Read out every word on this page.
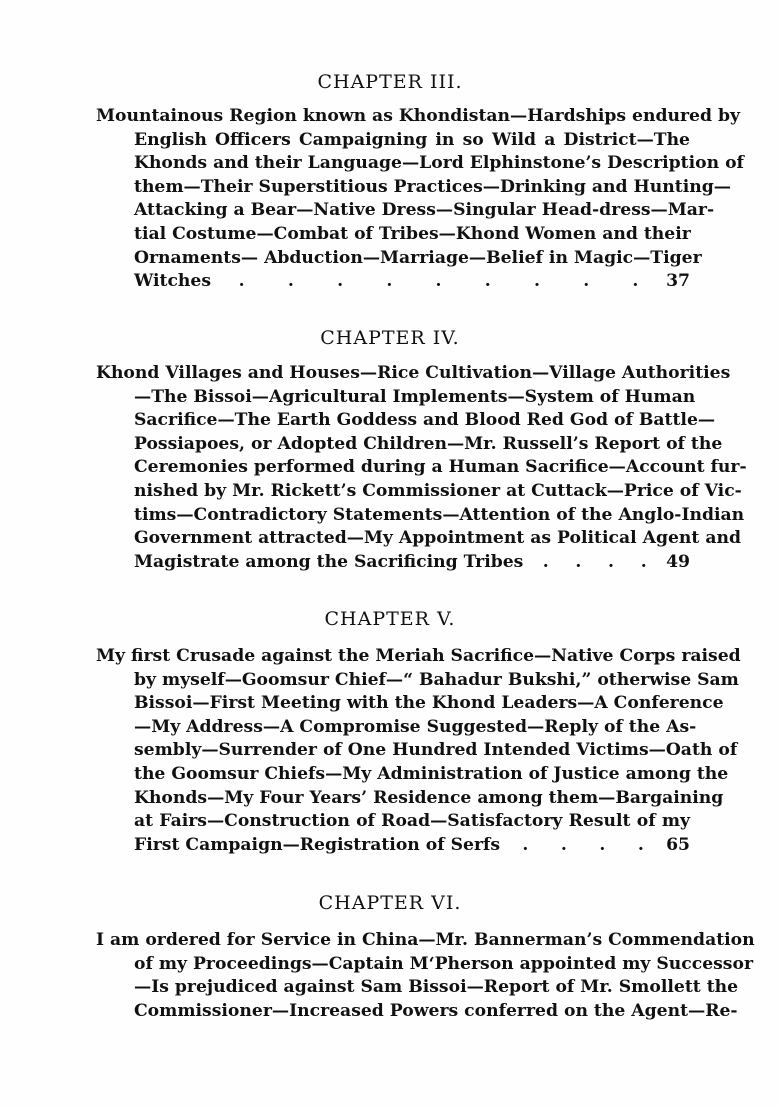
CHAPTER III.
Mountainous Region known as Khondistan—Hardships endured by
English Officers Campaigning in so Wild a District—The
Khonds and their Language—Lord Elphinstone’s Description of
them—Their Superstitious Practices—Drinking and Hunting—
Attacking a Bear—Native Dress—Singular Head-dress—Mar-
tial Costume—Combat of Tribes—Khond Women and their
Ornaments— Abduction—Marriage—Belief in Magic—Tiger
Witches .	.	.	.	.	.	.	.	. 37
CHAPTER IV.
Khond Villages and Houses—Rice Cultivation—Village Authorities
—The Bissoi—Agricultural Implements—System of Human
Sacrifice—The Earth Goddess and Blood Red God of Battle—
Possiapoes, or Adopted Children—Mr. Russell’s Report of the
Ceremonies performed during a Human Sacrifice—Account fur-
nished by Mr. Rickett’s Commissioner at Cuttack—Price of Vic-
tims—Contradictory Statements—Attention of the Anglo-Indian
Government attracted—My Appointment as Political Agent and
Magistrate among the Sacrificing Tribes . . . . 49
CHAPTER V.
My first Crusade against the Meriah Sacrifice—Native Corps raised
by myself—Goomsur Chief—“ Bahadur Bukshi,” otherwise Sam
Bissoi—First Meeting with the Khond Leaders—A Conference
—My Address—A Compromise Suggested—Reply of the As-
sembly—Surrender of One Hundred Intended Victims—Oath of
the Goomsur Chiefs—My Administration of Justice among the
Khonds—My Four Years’ Residence among them—Bargaining
at Fairs—Construction of Road—Satisfactory Result of my
First Campaign—Registration of Serfs . . . . 65
CHAPTER VI.
I am ordered for Service in China—Mr. Bannerman’s Commendation
of my Proceedings—Captain M‘Pherson appointed my Successor
—Is prejudiced against Sam Bissoi—Report of Mr. Smollett the
Commissioner—Increased Powers conferred on the Agent—Re-
